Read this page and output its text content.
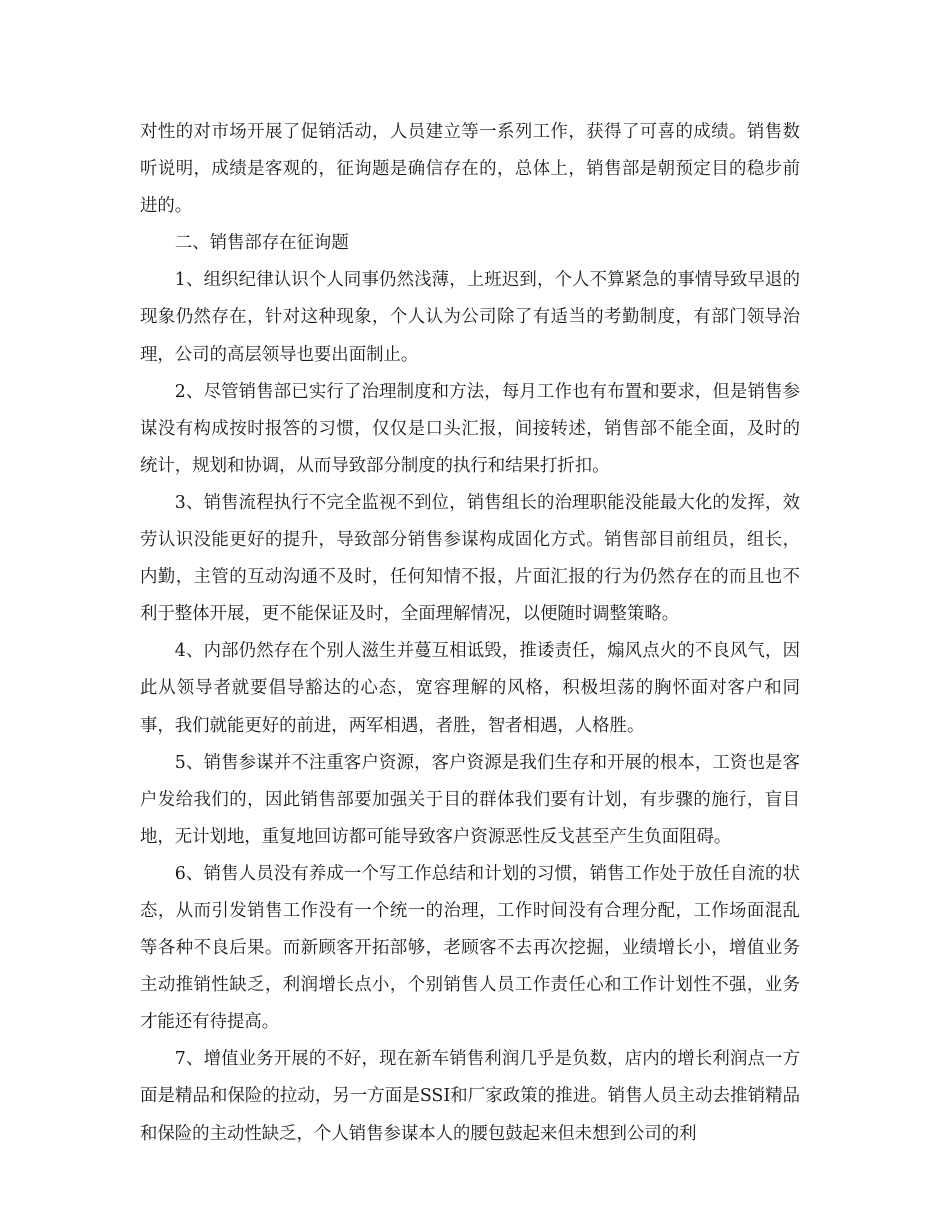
对性的对市场开展了促销活动，人员建立等一系列工作，获得了可喜的成绩。销售数听说明，成绩是客观的，征询题是确信存在的，总体上，销售部是朝预定目的稳步前进的。

二、销售部存在征询题

1、组织纪律认识个人同事仍然浅薄，上班迟到，个人不算紧急的事情导致早退的现象仍然存在，针对这种现象，个人认为公司除了有适当的考勤制度，有部门领导治理，公司的高层领导也要出面制止。

2、尽管销售部已实行了治理制度和方法，每月工作也有布置和要求，但是销售参谋没有构成按时报答的习惯，仅仅是口头汇报，间接转述，销售部不能全面，及时的统计，规划和协调，从而导致部分制度的执行和结果打折扣。

3、销售流程执行不完全监视不到位，销售组长的治理职能没能最大化的发挥，效劳认识没能更好的提升，导致部分销售参谋构成固化方式。销售部目前组员，组长，内勤，主管的互动沟通不及时，任何知情不报，片面汇报的行为仍然存在的而且也不利于整体开展，更不能保证及时，全面理解情况，以便随时调整策略。

4、内部仍然存在个别人滋生并蔓互相诋毁，推诿责任，煽风点火的不良风气，因此从领导者就要倡导豁达的心态，宽容理解的风格，积极坦荡的胸怀面对客户和同事，我们就能更好的前进，两军相遇，者胜，智者相遇，人格胜。

5、销售参谋并不注重客户资源，客户资源是我们生存和开展的根本，工资也是客户发给我们的，因此销售部要加强关于目的群体我们要有计划，有步骤的施行，盲目地，无计划地，重复地回访都可能导致客户资源恶性反戈甚至产生负面阻碍。

6、销售人员没有养成一个写工作总结和计划的习惯，销售工作处于放任自流的状态，从而引发销售工作没有一个统一的治理，工作时间没有合理分配，工作场面混乱等各种不良后果。而新顾客开拓部够，老顾客不去再次挖掘，业绩增长小，增值业务主动推销性缺乏，利润增长点小，个别销售人员工作责任心和工作计划性不强，业务才能还有待提高。

7、增值业务开展的不好，现在新车销售利润几乎是负数，店内的增长利润点一方面是精品和保险的拉动，另一方面是SSI和厂家政策的推进。销售人员主动去推销精品和保险的主动性缺乏，个人销售参谋本人的腰包鼓起来但未想到公司的利
